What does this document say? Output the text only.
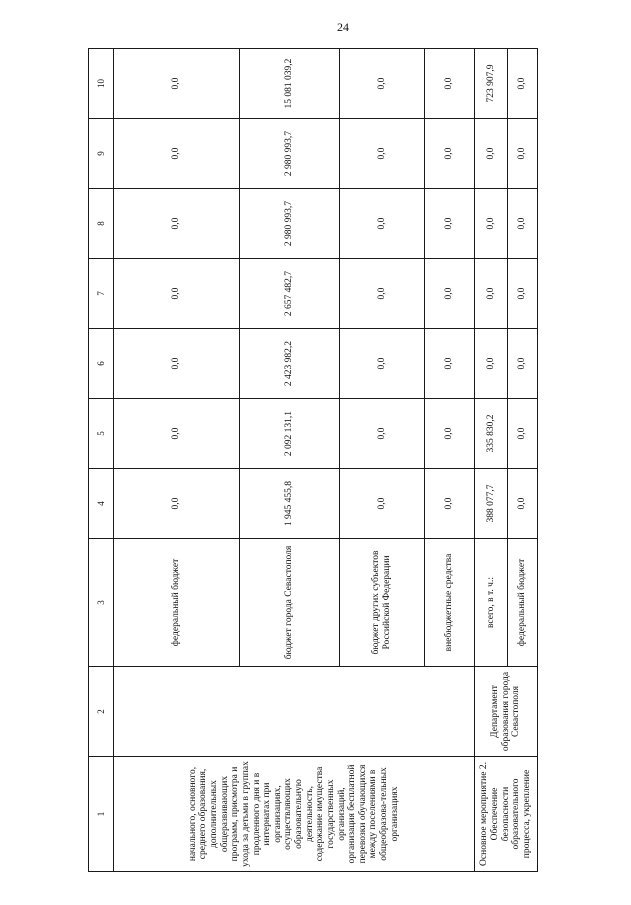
24
1	2	3	4	5	6	7	8	9	10
начального, основного, среднего образования, дополнительных общеразвивающих программ, присмотра и ухода за детьми в группах продленного дня и в интернатах при организациях, осуществляющих образовательную деятельность, содержание имущества государственных организаций, организация бесплатной перевозки обучающихся между поселениями в общеобразова-тельных организациях		федеральный бюджет	0,0	0,0	0,0	0,0	0,0	0,0	0,0
		бюджет города Севастополя	1 945 455,8	2 092 131,1	2 423 982,2	2 657 482,7	2 980 993,7	2 980 993,7	15 081 039,2
		бюджет других субъектов Российской Федерации	0,0	0,0	0,0	0,0	0,0	0,0	0,0
		внебюджетные средства	0,0	0,0	0,0	0,0	0,0	0,0	0,0
Основное мероприятие 2. Обеспечение безопасности образовательного процесса, укрепление	Департамент образования города Севастополя	всего, в т. ч.:	388 077,7	335 830,2	0,0	0,0	0,0	0,0	723 907,9
		федеральный бюджет	0,0	0,0	0,0	0,0	0,0	0,0	0,0
